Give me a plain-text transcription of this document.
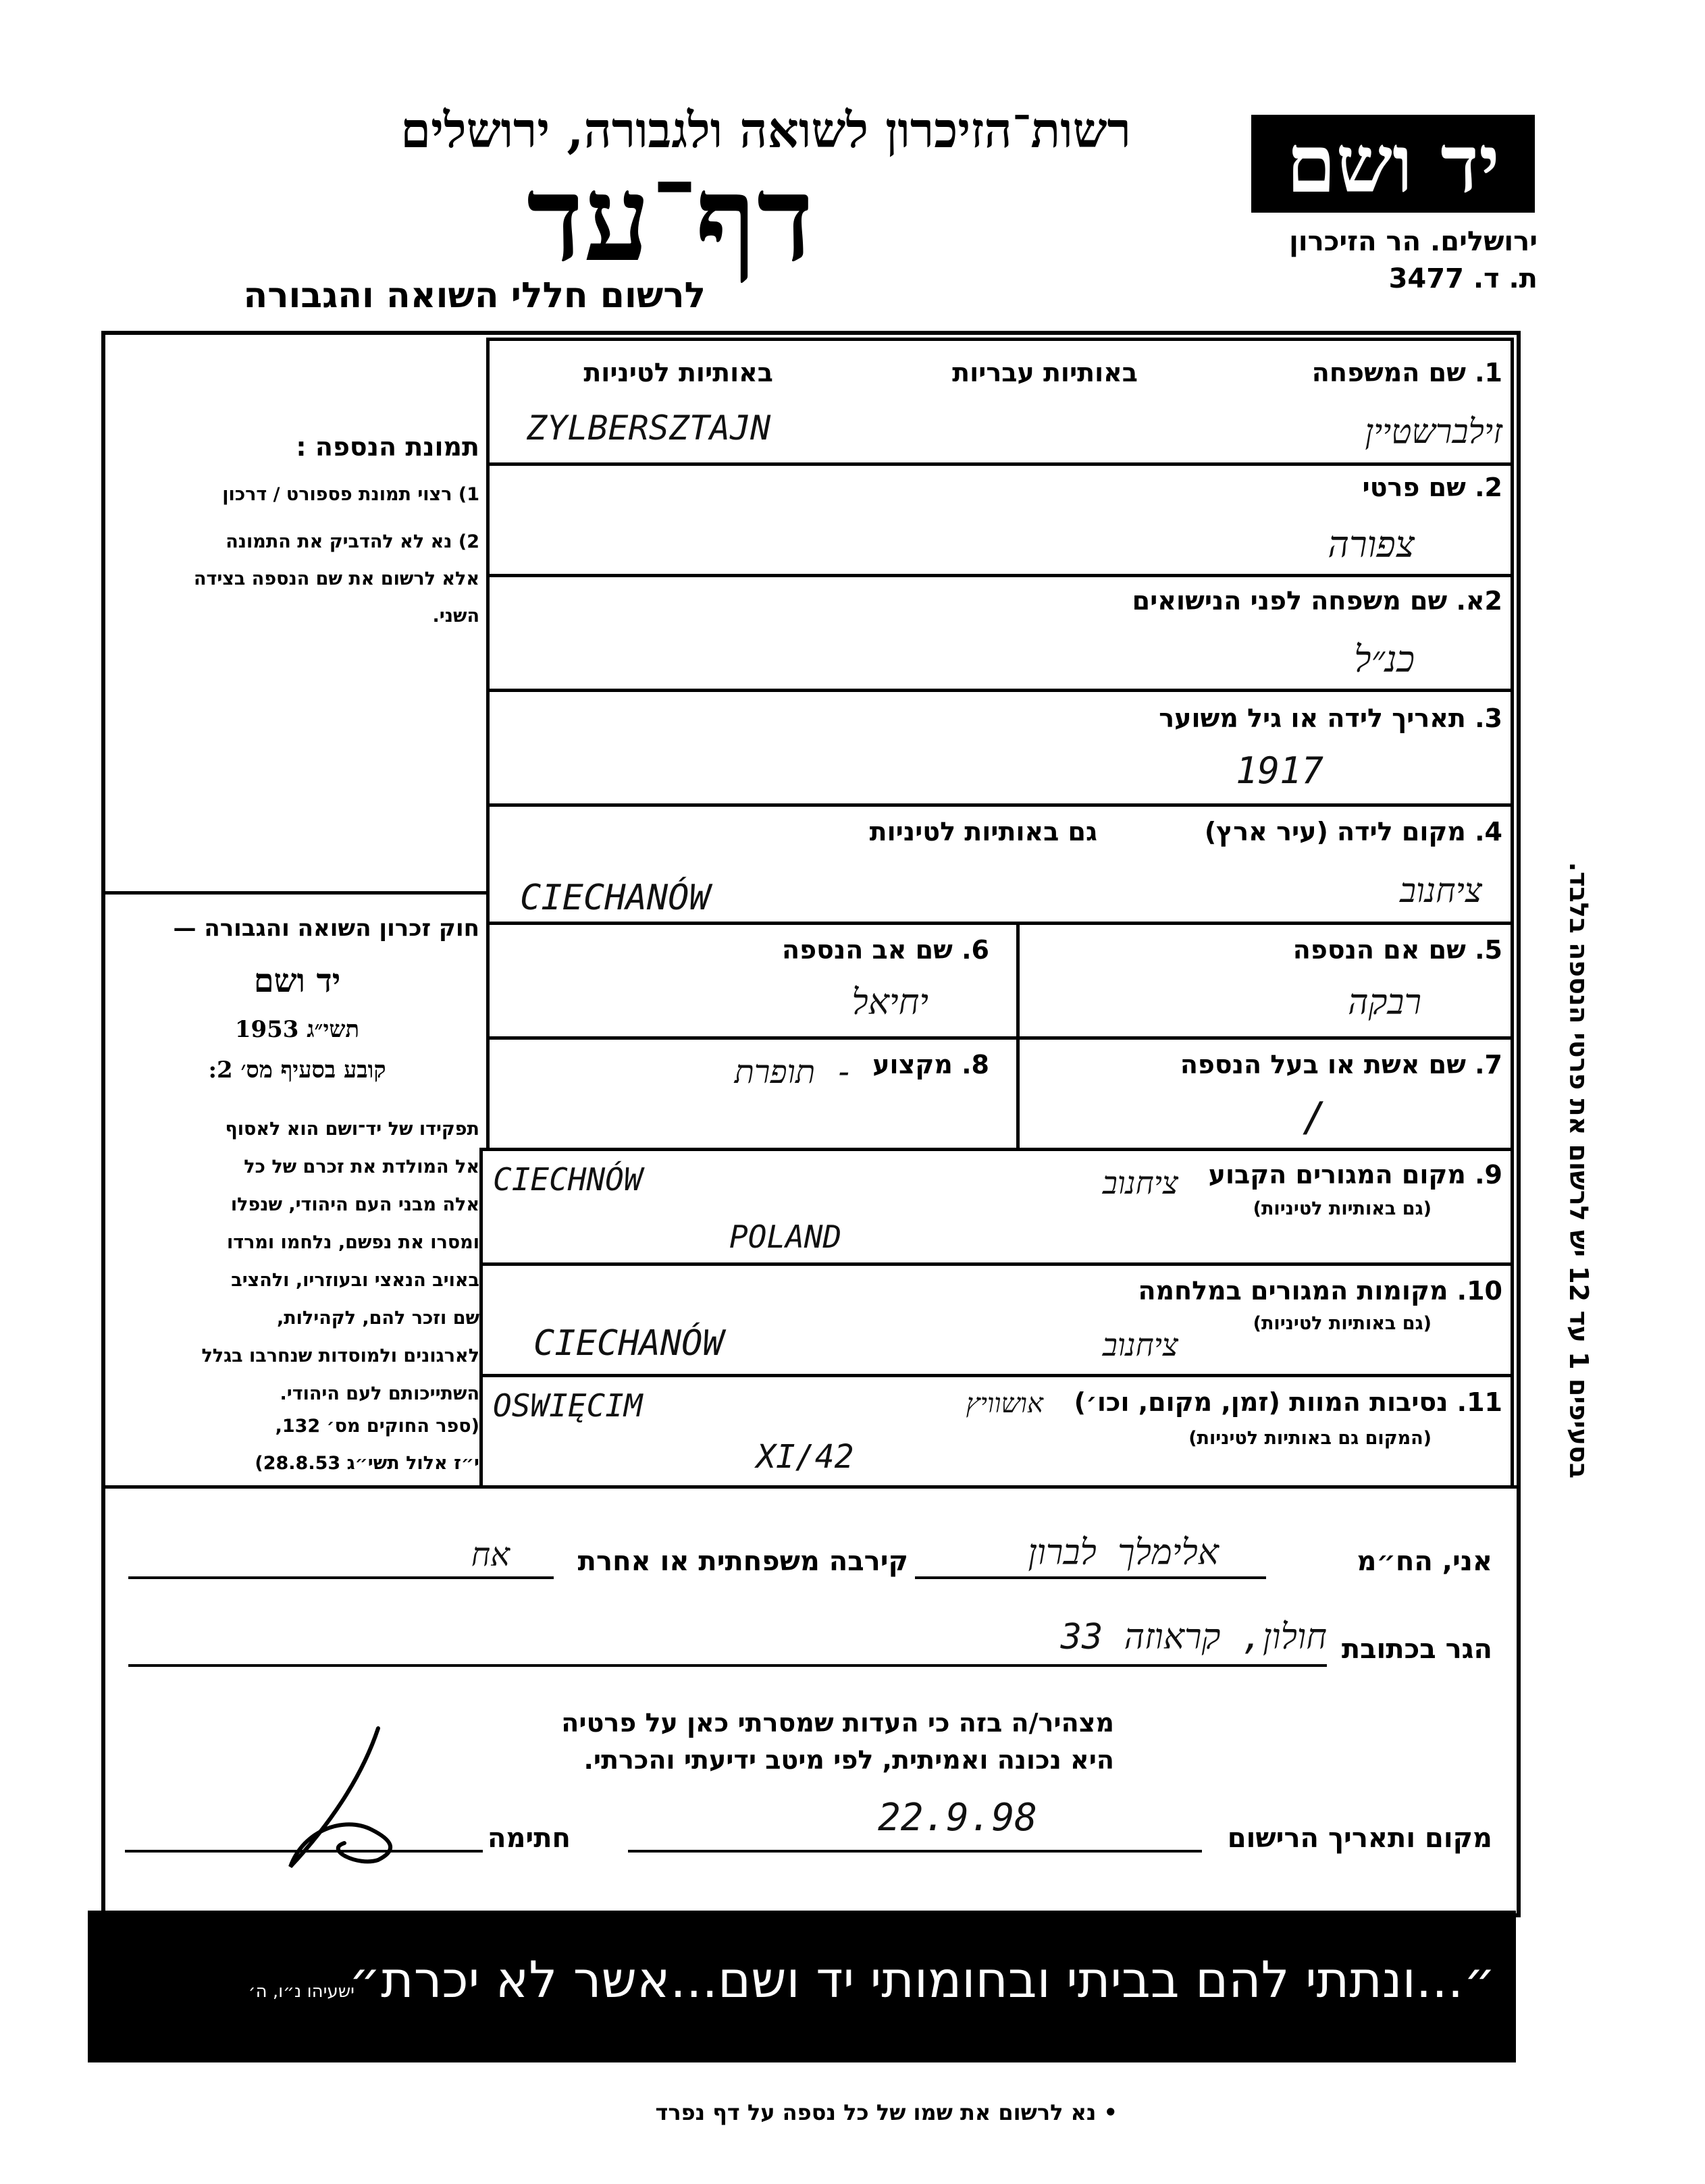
יד ושם
ירושלים. הר הזיכרון
ת. ד. 3477
רשות־הזיכרון לשואה ולגבורה, ירושלים
דף־עד
לרשום חללי השואה והגבורה
תמונת הנספה :
1) רצוי תמונת פספורט / דרכון
2) נא לא להדביק את התמונה
אלא לרשום את שם הנספה בצידה
השני.
חוק זכרון השואה והגבורה —
יד ושם
תשי״ג 1953
קובע בסעיף מס׳ 2:
תפקידו של יד־ושם הוא לאסוף
אל המולדת את זכרם של כל
אלה מבני העם היהודי, שנפלו
ומסרו את נפשם, נלחמו ומרדו
באויב הנאצי ובעוזריו, ולהציב
שם וזכר להם, לקהילות,
לארגונים ולמוסדות שנחרבו בגלל
השתייכותם לעם היהודי.
(ספר החוקים מס׳ 132,
י״ז אלול תשי״ג 28.8.53)
1. שם המשפחה
באותיות עבריות
באותיות לטיניות
ZYLBERSZTAJN	זילברשטיין
2. שם פרטי
צפורה
2א. שם משפחה לפני הנישואים
כנ״ל
3. תאריך לידה או גיל משוער
1917
4. מקום לידה (עיר ארץ)
גם באותיות לטיניות
CIECHANÓW	ציחנוב
5. שם אם הנספה
רבקה
6. שם אב הנספה
יחיאל
7. שם אשת או בעל הנספה
/
8. מקצוע
- תופרת
9. מקום המגורים הקבוע
(גם באותיות לטיניות)
CIECHNÓW
POLAND
ציחנוב
10. מקומות המגורים במלחמה
(גם באותיות לטיניות)
CIECHANÓW	ציחנוב
11. נסיבות המוות (זמן, מקום, וכו׳)
(המקום גם באותיות לטיניות)
OSWIĘCIM	אושוויץ
XI/42
אני, הח״מ
אלימלך לברון
קירבה משפחתית או אחרת
אח
הגר בכתובת
חולון, קראוזה 33
מצהיר/ה בזה כי העדות שמסרתי כאן על פרטיה
היא נכונה ואמיתית, לפי מיטב ידיעתי והכרתי.
מקום ותאריך הרישום
22.9.98
חתימה
״...ונתתי להם בביתי ובחומותי יד ושם...אשר לא יכרת״
ישעיהו נ״ו, ה׳
בסעיפים 1 עד 12 יש לרשום את פרטי הנספה בלבד.
• נא לרשום את שמו של כל נספה על דף נפרד
